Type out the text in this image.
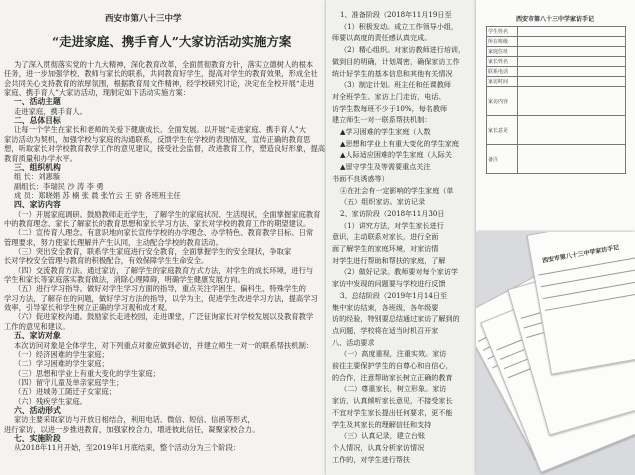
西安市第八十三中学
“走进家庭、携手育人”大家访活动实施方案
为了深入贯彻落实党的十九大精神，深化教育改革，全面贯彻教育方针，落实立德树人的根本
任务，进一步加强学校、教师与家长的联系，共同教育好学生，提高对学生的教育效果，形成全社
会共同关心支持教育的浓厚氛围，根据教育局文件精神，经学校研究讨论，决定在全校开展“走进
家庭、携手育人”大家访活动，现制定如下活动实施方案：
一、活动主题
走进家庭，携手育人。
二、总体目标
让每一个学生在家长和老师的关爱下健康成长、全面发展。以开展“走进家庭、携手育人”大
家访活动为契机，加强学校与家庭的沟通联系，反馈学生在学校的表现情况，宣传正确的教育思
想，听取家长对学校教育教学工作的意见建议，接受社会监督，改进教育工作，塑造良好形象，提高
教育质量和办学水平。
三、组织机构
组 长：刘惠璇
副组长：李瑞民 沙 涛 李 勇
成 员：郑晓娟 苏 楠 张 晨 张竹云 王 骄 各班班主任
四、家访内容
（一）开展家庭调研。鼓励教师走近学生，了解学生的家庭状况、生活现状，全面掌握家庭教育
中的教育理念、家长了解家长的教育思想和家长学习方法、家长对学校的教育工作的期望建议。
（二）宣传育人理念。有意识地向家长宣传学校的办学理念、办学特色、教育教学目标、日常
管理要求，努力使家长理解并产生认同，主动配合学校的教育活动。
（三）突出安全教育，联系学生家庭进行安全教育，全面掌握学生的安全现状，争取家
长对学校安全管理与教育的积极配合，有效保障学生生命安全。
（四）交流教育方法。通过家访，了解学生的家庭教育方式方法，对学生的成长环境，进行与
学生和家长等家庭落实教育做法，消除心理障碍，明确学生健康发展方向。
（五）进行学习指导。做好对学生学习方面的指导，重点关注学困生、偏科生、特殊学生的
学习方法，了解存在的问题，做好学习方法的指导，以学为主，促进学生改进学习方法，提高学习
效率，引导家长和学生树立正确的学习观和成才观。
（六）促进家校沟通。鼓励家长走进校园，走进课堂，广泛征询家长对学校发展以及教育教学
工作的意见和建议。
五、家访对象
本次访问对象是全体学生，对下列重点对象应做到必访，并建立师生一对一的联系帮扶机制：
（一）经济困难的学生家庭；
（二）学习困难的学生家庭；
（三）思想和学业上有重大变化的学生家庭；
（四）留守儿童及单亲家庭学生；
（五）进城务工随迁子女家庭；
（六）残疾学生家庭。
六、活动形式
家访主要采取家访与开放日相结合，利用电话、微信、短信、信函等形式，
进行家访，以进一步推进教育，加强家校合力，增进彼此信任，凝聚家校合力。
七、实施阶段
从2018年11月开始，至2019年1月底结束，整个活动分为三个阶段：
1、准备阶段（2018年11月19日至
（1）积极发动。成立工作领导小组，
师要以高度的责任感认真完成。
（2）精心组织。对家访教师进行培训，
做到目的明确，计划周密，确保家访工作
统计好学生的基本信息和其他有关情况
（3）制定计划。班主任和任课教师
对全班学生、家访上门走访，电话、
访学生数每班不少于10%，每名教师
建立师生一对一联系帮扶机制：
▲学习困难的学生家庭（人数
▲思想和学业上有重大变化的学生家庭
▲人际适应困难的学生家庭（人际关
▲留守学生及等需要重点关注
书面不良诱惑等）
④在社会有一定影响的学生家庭（单
（五）组织家访。家访记录
2、家访阶段（2018年11月30日
（1）讲究方法，对学生家长进行
意识，主动联系对家长，进行全面
面了解学生的家庭环境，对家访情
对学生进行帮助和帮扶的家庭，了解
（2）做好记录。教师要对每个家访学
家访中发现的问题要与学校进行反馈
3、总结阶段（2019年1月14日至
集中家访结束，各班级，各年级要
访的经验，特别要总结通过家访了解到的
点问题，学校将在适当时机召开家
八、活动要求
（一）高度重视，注重实效。家访
前往主要保护学生的自尊心和自信心，
的合作，注意帮助家长树立正确的教育
（二）尊重家长，树立形象。家访
家访，认真倾听家长意见，不接受家长
不宜对学生家长提出任何要求，更不能
学生及其家长的理解信任和支持
（三）认真记录，建立台账
个人情况，认真分析家访情况
工作的，对学生进行帮扶
西安市第八十三中学家访手记
学生姓名	
所在班级	
家庭住址	
家长姓名	
联系电话	
家访时间	
家访内容	
家长意见	
备注	
西安市第八十三中学家访手记
